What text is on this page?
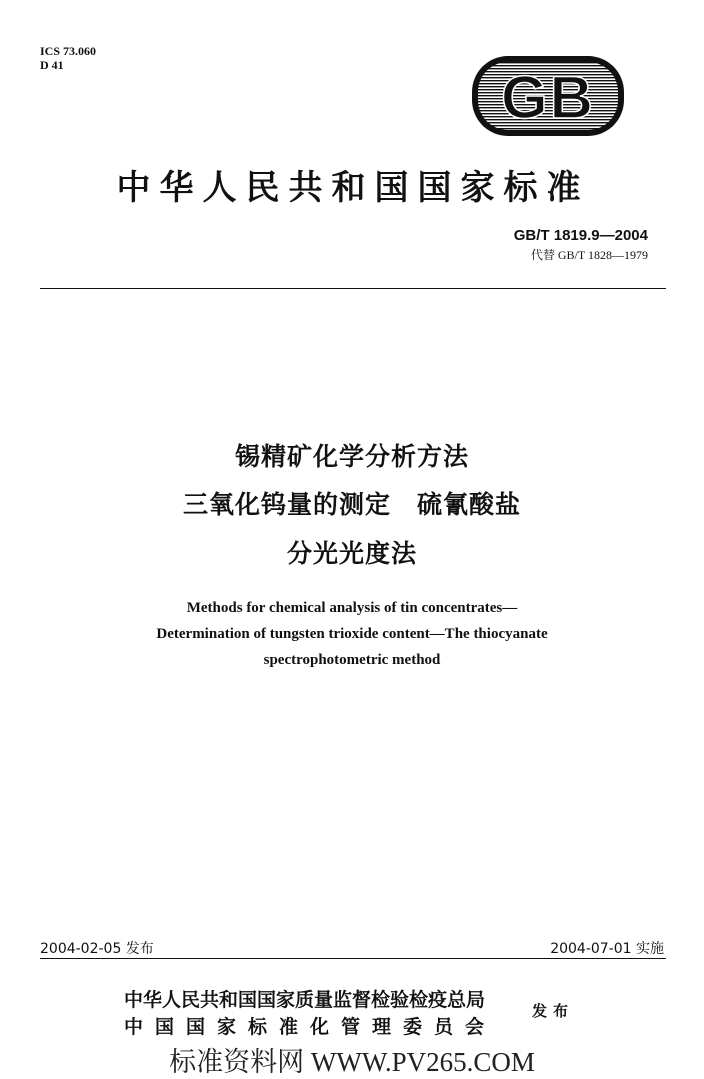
ICS 73.060
D 41	GB
中华人民共和国国家标准
GB/T 1819.9—2004
代替 GB/T 1828—1979
锡精矿化学分析方法
三氧化钨量的测定 硫氰酸盐
分光光度法
Methods for chemical analysis of tin concentrates—
Determination of tungsten trioxide content—The thiocyanate
spectrophotometric method
2004-02-05 发布	2004-07-01 实施
中华人民共和国国家质量监督检验检疫总局
中国国家标准化管理委员会
发布
标准资料网 WWW.PV265.COM
